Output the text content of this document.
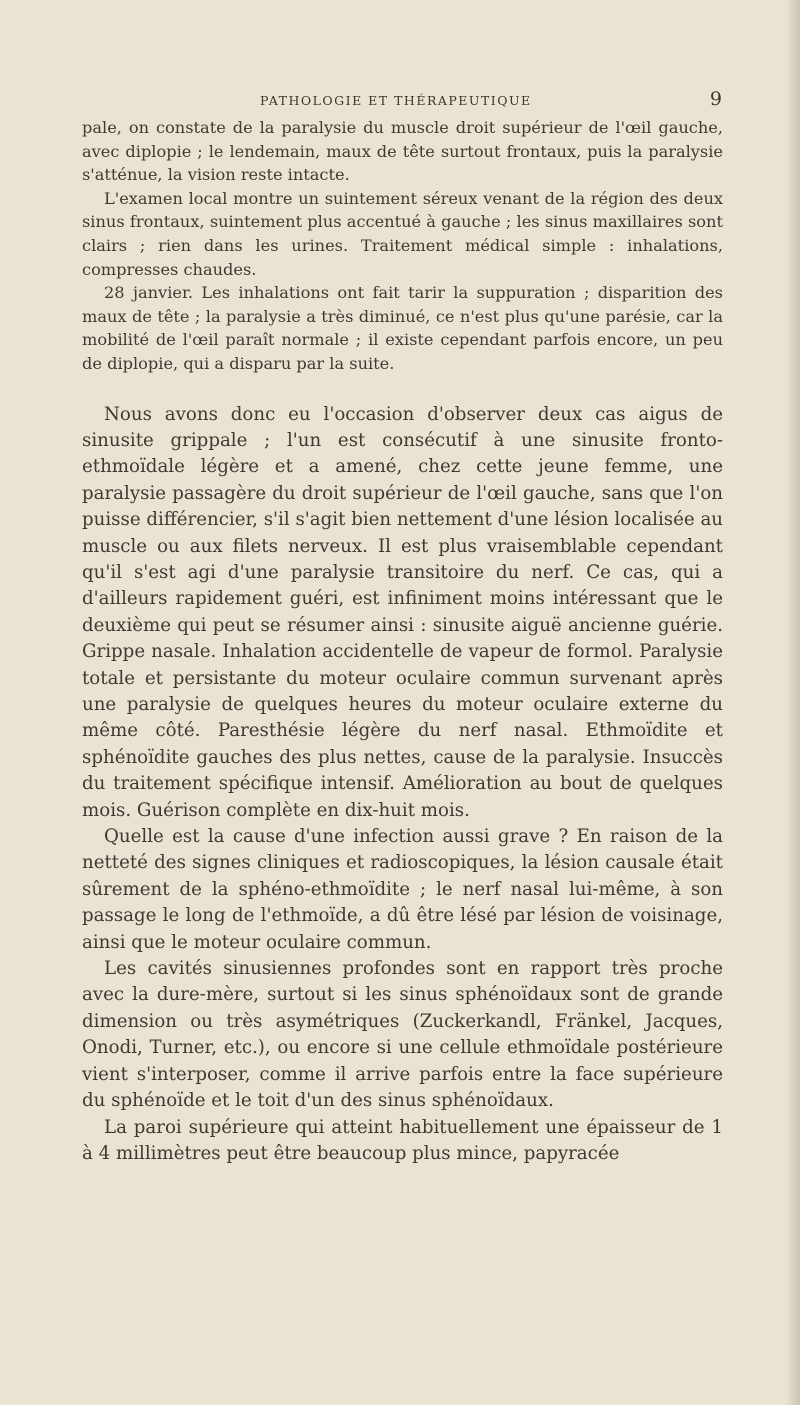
PATHOLOGIE ET THÉRAPEUTIQUE	9

pale, on constate de la paralysie du muscle droit supérieur de l'œil gauche, avec diplopie ; le lendemain, maux de tête surtout frontaux, puis la paralysie s'atténue, la vision reste intacte.

L'examen local montre un suintement séreux venant de la région des deux sinus frontaux, suintement plus accentué à gauche ; les sinus maxillaires sont clairs ; rien dans les urines. Traitement médical simple : inhalations, compresses chaudes.

28 janvier. Les inhalations ont fait tarir la suppuration ; disparition des maux de tête ; la paralysie a très diminué, ce n'est plus qu'une parésie, car la mobilité de l'œil paraît normale ; il existe cependant parfois encore, un peu de diplopie, qui a disparu par la suite.

Nous avons donc eu l'occasion d'observer deux cas aigus de sinusite grippale ; l'un est consécutif à une sinusite fronto-ethmoïdale légère et a amené, chez cette jeune femme, une paralysie passagère du droit supérieur de l'œil gauche, sans que l'on puisse différencier, s'il s'agit bien nettement d'une lésion localisée au muscle ou aux filets nerveux. Il est plus vraisemblable cependant qu'il s'est agi d'une paralysie transitoire du nerf. Ce cas, qui a d'ailleurs rapidement guéri, est infiniment moins intéressant que le deuxième qui peut se résumer ainsi : sinusite aiguë ancienne guérie. Grippe nasale. Inhalation accidentelle de vapeur de formol. Paralysie totale et persistante du moteur oculaire commun survenant après une paralysie de quelques heures du moteur oculaire externe du même côté. Paresthésie légère du nerf nasal. Ethmoïdite et sphénoïdite gauches des plus nettes, cause de la paralysie. Insuccès du traitement spécifique intensif. Amélioration au bout de quelques mois. Guérison complète en dix-huit mois.

Quelle est la cause d'une infection aussi grave ? En raison de la netteté des signes cliniques et radioscopiques, la lésion causale était sûrement de la sphéno-ethmoïdite ; le nerf nasal lui-même, à son passage le long de l'ethmoïde, a dû être lésé par lésion de voisinage, ainsi que le moteur oculaire commun.

Les cavités sinusiennes profondes sont en rapport très proche avec la dure-mère, surtout si les sinus sphénoïdaux sont de grande dimension ou très asymétriques (Zuckerkandl, Fränkel, Jacques, Onodi, Turner, etc.), ou encore si une cellule ethmoïdale postérieure vient s'interposer, comme il arrive parfois entre la face supérieure du sphénoïde et le toit d'un des sinus sphénoïdaux.

La paroi supérieure qui atteint habituellement une épaisseur de 1 à 4 millimètres peut être beaucoup plus mince, papyracée
